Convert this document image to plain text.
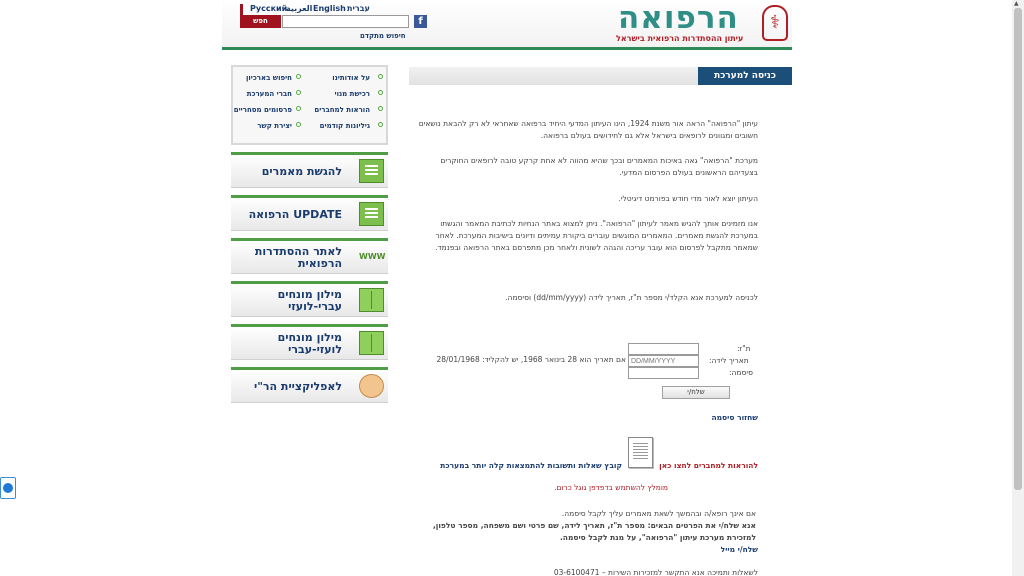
Русский
العربية English עברית
חפש	f
חיפוש מתקדם	הרפואה
עיתון ההסתדרות הרפואית בישראל
⚕
על אודותינו
חיפוש בארכיון
רכישת מנוי
חברי המערכת
הוראות למחברים
פרסומים מסחריים
גיליונות קודמים
יצירת קשר
להגשת מאמרים
הרפואה UPDATE
לאתר ההסתדרות הרפואית WWW
מילון מונחים עברי-לועזי
מילון מונחים לועזי-עברי
לאפליקציית הר"י
כניסה למערכת
עיתון "הרפואה" הראה אור משנת 1924, הינו העיתון המדעי היחיד ברפואה שאחראי לא רק להבאת נושאים חשובים ומגוונים לרופאים בישראל אלא גם לחידושים בעולם ברפואה.
מערכת "הרפואה" גאה באיכות המאמרים ובכך שהיא מהווה לא אחת קרקע טובה לרופאים החוקרים בצעדיהם הראשונים בעולם הפרסום המדעי.
העיתון יוצא לאור מדי חודש בפורמט דיגיטלי.
אנו מזמינים אותך להגיש מאמר לעיתון "הרפואה". ניתן למצוא באתר הנחיות לכתיבת המאמר והגשתו במערכת להגשת מאמרים. המאמרים המוגשים עוברים ביקורת עמיתים ודיונים בישיבות המערכת. לאחר שמאמר מתקבל לפרסום הוא עובר עריכה והגהה לשונית ולאחר מכן מתפרסם באתר הרפואה ובפנמד.
לכניסה למערכת אנא הקלד/י מספר ת"ז, תאריך לידה (dd/mm/yyyy) וסיסמה.
ת"ז:
תאריך לידה:
DD/MM/YYYY
אם תאריך הוא 28 בינואר 1968, יש להקליד: 28/01/1968
סיסמה:
שלח/י
שחזור סיסמה
להוראות למחברים לחצו כאן
קובץ שאלות ותשובות להתמצאות קלה יותר במערכת
מומלץ להשתמש בדפדפן גוגל כרום.
אם אינך רופא/ה ובהמשך לשאת מאמרים עליך לקבל סיסמה.
אנא שלח/י את הפרטים הבאים: מספר ת"ז, תאריך לידה, שם פרטי ושם משפחה, מספר טלפון, למזכירת מערכת עיתון "הרפואה", על מנת לקבל סיסמה.
שלח/י מייל
לשאלות ותמיכה אנא התקשר למזכירות השירות – 03-6100471
▲
